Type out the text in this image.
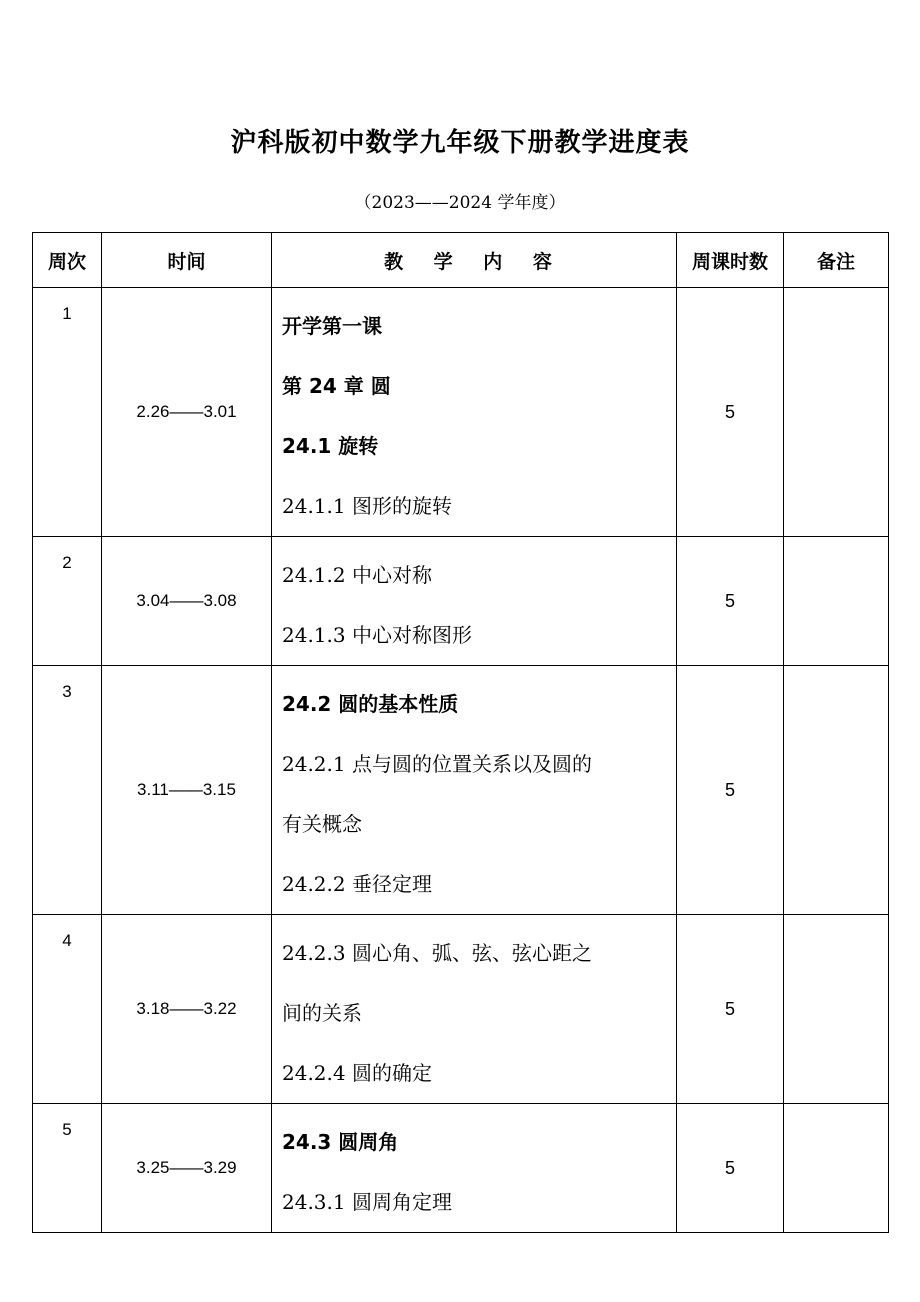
沪科版初中数学九年级下册教学进度表
（2023——2024 学年度）
周次	时间	教 学 内 容	周课时数	备注
1	2.26——3.01	开学第一课
第 24 章 圆
24.1 旋转
24.1.1 图形的旋转	5	
2	3.04——3.08	24.1.2 中心对称
24.1.3 中心对称图形	5	
3	3.11——3.15	24.2 圆的基本性质
24.2.1 点与圆的位置关系以及圆的
有关概念
24.2.2 垂径定理	5	
4	3.18——3.22	24.2.3 圆心角、弧、弦、弦心距之
间的关系
24.2.4 圆的确定	5	
5	3.25——3.29	24.3 圆周角
24.3.1 圆周角定理	5	
